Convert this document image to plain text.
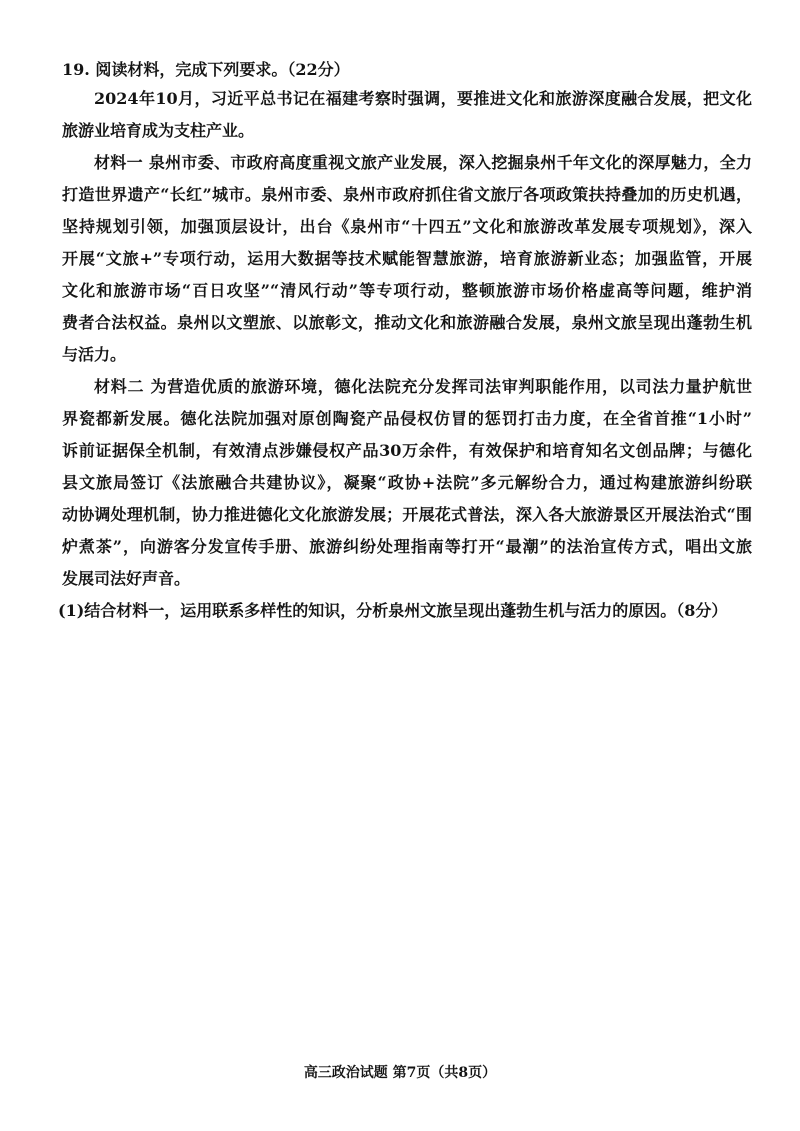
19. 阅读材料，完成下列要求。（22分）
2024年10月，习近平总书记在福建考察时强调，要推进文化和旅游深度融合发展，把文化
旅游业培育成为支柱产业。
材料一 泉州市委、市政府高度重视文旅产业发展，深入挖掘泉州千年文化的深厚魅力，全力
打造世界遗产“长红”城市。泉州市委、泉州市政府抓住省文旅厅各项政策扶持叠加的历史机遇，
坚持规划引领，加强顶层设计，出台《泉州市“十四五”文化和旅游改革发展专项规划》，深入
开展“文旅+”专项行动，运用大数据等技术赋能智慧旅游，培育旅游新业态；加强监管，开展
文化和旅游市场“百日攻坚”“清风行动”等专项行动，整顿旅游市场价格虚高等问题，维护消
费者合法权益。泉州以文塑旅、以旅彰文，推动文化和旅游融合发展，泉州文旅呈现出蓬勃生机
与活力。
材料二 为营造优质的旅游环境，德化法院充分发挥司法审判职能作用，以司法力量护航世
界瓷都新发展。德化法院加强对原创陶瓷产品侵权仿冒的惩罚打击力度，在全省首推“1小时”
诉前证据保全机制，有效清点涉嫌侵权产品30万余件，有效保护和培育知名文创品牌；与德化
县文旅局签订《法旅融合共建协议》，凝聚“政协+法院”多元解纷合力，通过构建旅游纠纷联
动协调处理机制，协力推进德化文化旅游发展；开展花式普法，深入各大旅游景区开展法治式“围
炉煮茶”，向游客分发宣传手册、旅游纠纷处理指南等打开“最潮”的法治宣传方式，唱出文旅
发展司法好声音。
(1)结合材料一，运用联系多样性的知识，分析泉州文旅呈现出蓬勃生机与活力的原因。（8分）
高三政治试题 第7页（共8页）
